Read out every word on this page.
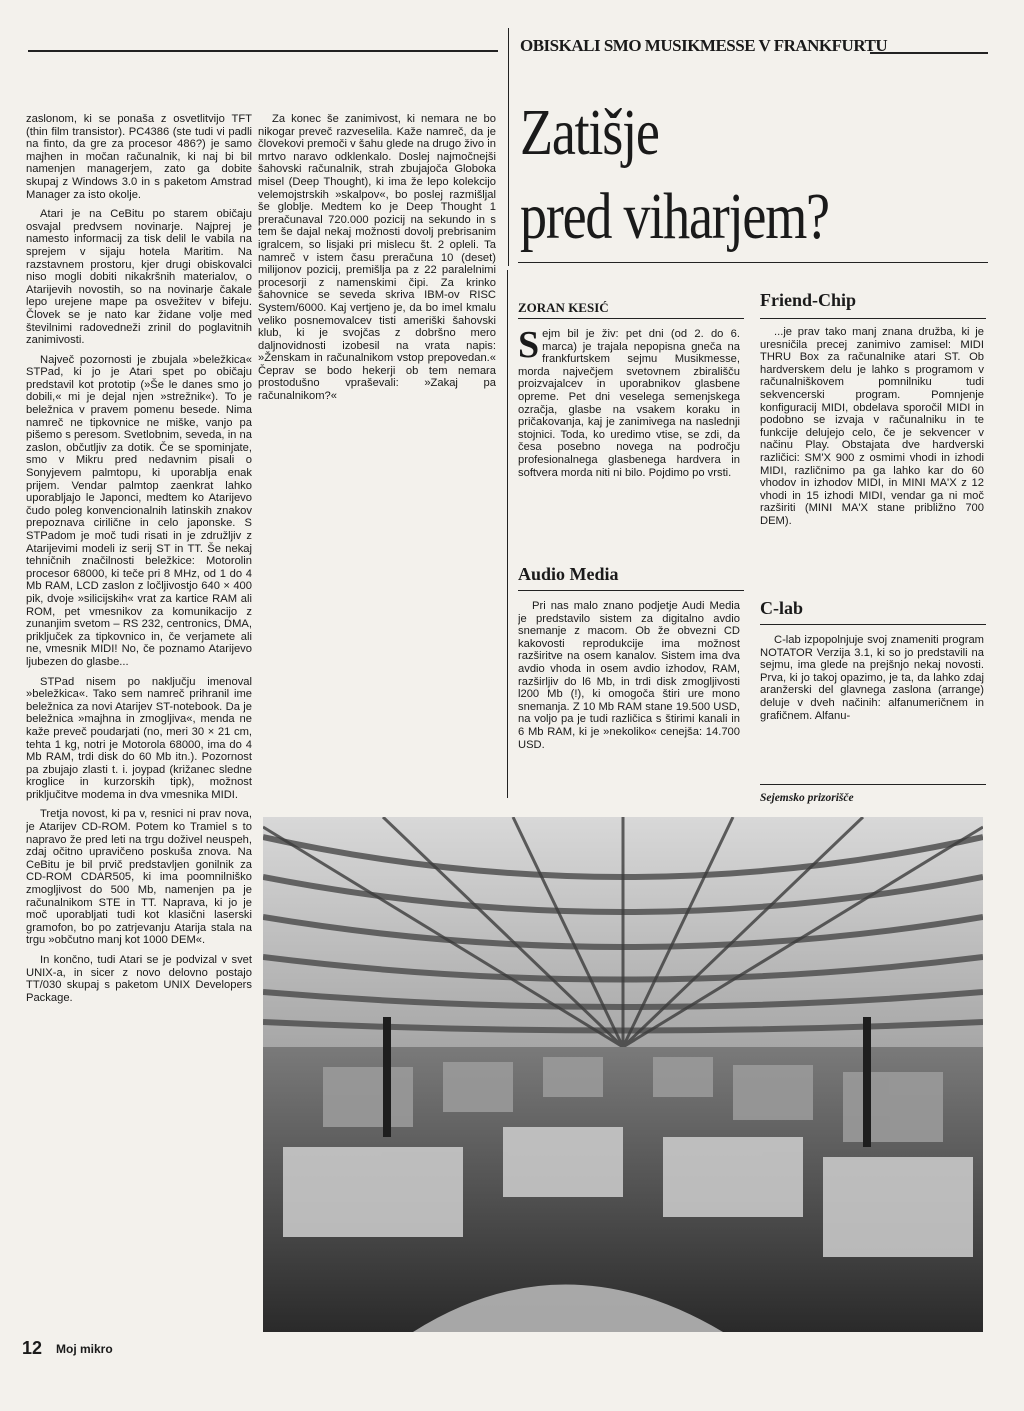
OBISKALI SMO MUSIKMESSE V FRANKFURTU
Zatišje
pred viharjem?

zaslonom, ki se ponaša z osvetlitvijo TFT (thin film transistor). PC4386 (ste tudi vi padli na finto, da gre za procesor 486?) je samo majhen in močan računalnik, ki naj bi bil namenjen managerjem, zato ga dobite skupaj z Windows 3.0 in s paketom Amstrad Manager za isto okolje.

Atari je na CeBitu po starem običaju osvajal predvsem novinarje. Najprej je namesto informacij za tisk delil le vabila na sprejem v sijaju hotela Maritim. Na razstavnem prostoru, kjer drugi obiskovalci niso mogli dobiti nikakršnih materialov, o Atarijevih novostih, so na novinarje čakale lepo urejene mape pa osvežitev v bifeju. Človek se je nato kar židane volje med številnimi radovedneži zrinil do poglavitnih zanimivosti.

Največ pozornosti je zbujala »beležkica« STPad, ki jo je Atari spet po običaju predstavil kot prototip (»Še le danes smo jo dobili,« mi je dejal njen »strežnik«). To je beležnica v pravem pomenu besede. Nima namreč ne tipkovnice ne miške, vanjo pa pišemo s peresom. Svetlobnim, seveda, in na zaslon, občutljiv za dotik. Če se spominjate, smo v Mikru pred nedavnim pisali o Sonyjevem palmtopu, ki uporablja enak prijem. Vendar palmtop zaenkrat lahko uporabljajo le Japonci, medtem ko Atarijevo čudo poleg konvencionalnih latinskih znakov prepoznava cirilične in celo japonske. S STPadom je moč tudi risati in je združljiv z Atarijevimi modeli iz serij ST in TT. Še nekaj tehničnih značilnosti beležkice: Motorolin procesor 68000, ki teče pri 8 MHz, od 1 do 4 Mb RAM, LCD zaslon z ločljivostjo 640 × 400 pik, dvoje »silicijskih« vrat za kartice RAM ali ROM, pet vmesnikov za komunikacijo z zunanjim svetom – RS 232, centronics, DMA, priključek za tipkovnico in, če verjamete ali ne, vmesnik MIDI! No, če poznamo Atarijevo ljubezen do glasbe...

STPad nisem po naključju imenoval »beležkica«. Tako sem namreč prihranil ime beležnica za novi Atarijev ST-notebook. Da je beležnica »majhna in zmogljiva«, menda ne kaže preveč poudarjati (no, meri 30 × 21 cm, tehta 1 kg, notri je Motorola 68000, ima do 4 Mb RAM, trdi disk do 60 Mb itn.). Pozornost pa zbujajo zlasti t. i. joypad (križanec sledne kroglice in kurzorskih tipk), možnost priključitve modema in dva vmesnika MIDI.

Tretja novost, ki pa v, resnici ni prav nova, je Atarijev CD-ROM. Potem ko Tramiel s to napravo že pred leti na trgu doživel neuspeh, zdaj očitno upravičeno poskuša znova. Na CeBitu je bil prvič predstavljen gonilnik za CD-ROM CDAR505, ki ima poomnilniško zmogljivost do 500 Mb, namenjen pa je računalnikom STE in TT. Naprava, ki jo je moč uporabljati tudi kot klasični laserski gramofon, bo po zatrjevanju Atarija stala na trgu »občutno manj kot 1000 DEM«.

In končno, tudi Atari se je podvizal v svet UNIX-a, in sicer z novo delovno postajo TT/030 skupaj s paketom UNIX Developers Package.

Za konec še zanimivost, ki nemara ne bo nikogar preveč razveselila. Kaže namreč, da je človekovi premoči v šahu glede na drugo živo in mrtvo naravo odklenkalo. Doslej najmočnejši šahovski računalnik, strah zbujajoča Globoka misel (Deep Thought), ki ima že lepo kolekcijo velemojstrskih »skalpov«, bo poslej razmišljal še globlje. Medtem ko je Deep Thought 1 preračunaval 720.000 pozicij na sekundo in s tem še dajal nekaj možnosti dovolj prebrisanim igralcem, so lisjaki pri mislecu št. 2 opleli. Ta namreč v istem času preračuna 10 (deset) milijonov pozicij, premišlja pa z 22 paralelnimi procesorji z namenskimi čipi. Za krinko šahovnice se seveda skriva IBM-ov RISC System/6000. Kaj vertjeno je, da bo imel kmalu veliko posnemovalcev tisti ameriški šahovski klub, ki je svojčas z dobršno mero daljnovidnosti izobesil na vrata napis: »Ženskam in računalnikom vstop prepovedan.« Čeprav se bodo hekerji ob tem nemara prostodušno vpraševali: »Zakaj pa računalnikom?«

ZORAN KESIĆ
Sejm bil je živ: pet dni (od 2. do 6. marca) je trajala nepopisna gneča na frankfurtskem sejmu Musikmesse, morda največjem svetovnem zbirališču proizvajalcev in uporabnikov glasbene opreme. Pet dni veselega semenjskega ozračja, glasbe na vsakem koraku in pričakovanja, kaj je zanimivega na naslednji stojnici. Toda, ko uredimo vtise, se zdi, da česa posebno novega na področju profesionalnega glasbenega hardvera in softvera morda niti ni bilo. Pojdimo po vrsti.
Audio Media

Pri nas malo znano podjetje Audi Media je predstavilo sistem za digitalno avdio snemanje z macom. Ob že obvezni CD kakovosti reprodukcije ima možnost razširitve na osem kanalov. Sistem ima dva avdio vhoda in osem avdio izhodov, RAM, razširljiv do l6 Mb, in trdi disk zmogljivosti l200 Mb (!), ki omogoča štiri ure mono snemanja. Z 10 Mb RAM stane 19.500 USD, na voljo pa je tudi različica s štirimi kanali in 6 Mb RAM, ki je »nekoliko« cenejša: 14.700 USD.

Friend-Chip

...je prav tako manj znana družba, ki je uresničila precej zanimivo zamisel: MIDI THRU Box za računalnike atari ST. Ob hardverskem delu je lahko s programom v računalniškovem pomnilniku tudi sekvencerski program. Pomnjenje konfiguracij MIDI, obdelava sporočil MIDI in podobno se izvaja v računalniku in te funkcije delujejo celo, če je sekvencer v načinu Play. Obstajata dve hardverski različici: SM'X 900 z osmimi vhodi in izhodi MIDI, različnimo pa ga lahko kar do 60 vhodov in izhodov MIDI, in MINI MA'X z 12 vhodi in 15 izhodi MIDI, vendar ga ni moč razširiti (MINI MA'X stane približno 700 DEM).

C-lab

C-lab izpopolnjuje svoj znameniti program NOTATOR Verzija 3.1, ki so jo predstavili na sejmu, ima glede na prejšnjo nekaj novosti. Prva, ki jo takoj opazimo, je ta, da lahko zdaj aranžerski del glavnega zaslona (arrange) deluje v dveh načinih: alfanumeričnem in grafičnem. Alfanu-

Sejemsko prizorišče
12 Moj mikro
